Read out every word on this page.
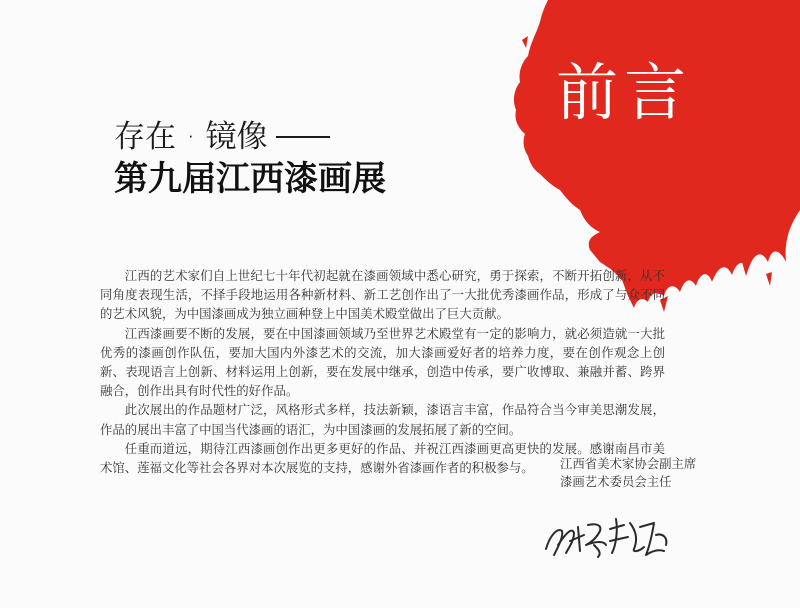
前言
存在 · 镜像
第九届江西漆画展

江西的艺术家们自上世纪七十年代初起就在漆画领域中悉心研究，勇于探索，不断开拓创新，从不同角度表现生活，不择手段地运用各种新材料、新工艺创作出了一大批优秀漆画作品，形成了与众不同的艺术风貌，为中国漆画成为独立画种登上中国美术殿堂做出了巨大贡献。

江西漆画要不断的发展，要在中国漆画领域乃至世界艺术殿堂有一定的影响力，就必须造就一大批优秀的漆画创作队伍，要加大国内外漆艺术的交流，加大漆画爱好者的培养力度，要在创作观念上创新、表现语言上创新、材料运用上创新，要在发展中继承，创造中传承，要广收博取、兼融并蓄、跨界融合，创作出具有时代性的好作品。

此次展出的作品题材广泛，风格形式多样，技法新颖，漆语言丰富，作品符合当今审美思潮发展，作品的展出丰富了中国当代漆画的语汇，为中国漆画的发展拓展了新的空间。

任重而道远，期待江西漆画创作出更多更好的作品、并祝江西漆画更高更快的发展。感谢南昌市美术馆、莲福文化等社会各界对本次展览的支持，感谢外省漆画作者的积极参与。	江西省美术家协会副主席
漆画艺术委员会主任
